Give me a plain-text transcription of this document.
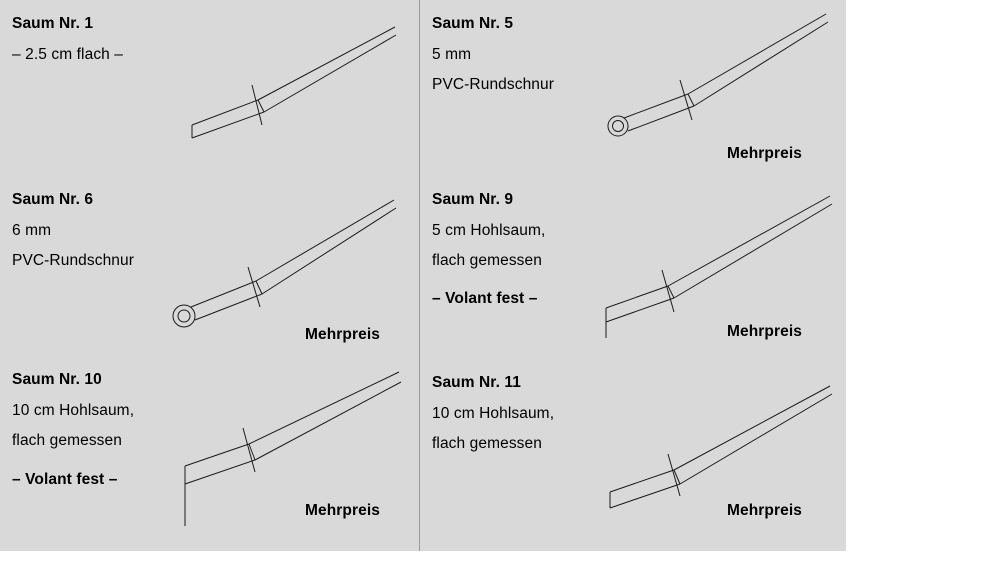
Saum Nr. 1
– 2.5 cm flach –
Saum Nr. 5
5 mm
PVC-Rundschnur
Mehrpreis
Saum Nr. 6
6 mm
PVC-Rundschnur
Mehrpreis
Saum Nr. 9
5 cm Hohlsaum,
flach gemessen
– Volant fest –
Mehrpreis
Saum Nr. 10
10 cm Hohlsaum,
flach gemessen
– Volant fest –
Mehrpreis
Saum Nr. 11
10 cm Hohlsaum,
flach gemessen
Mehrpreis
